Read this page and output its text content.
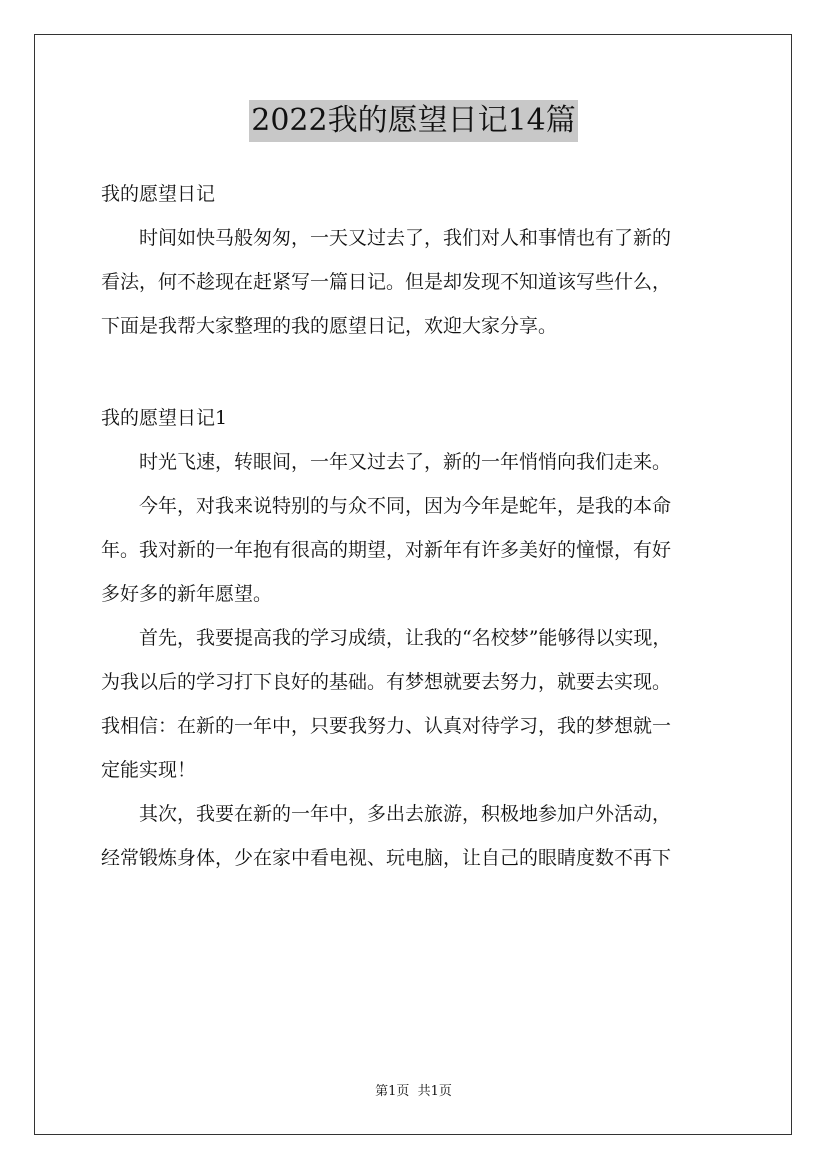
2022我的愿望日记14篇

我的愿望日记

时间如快马般匆匆，一天又过去了，我们对人和事情也有了新的

看法，何不趁现在赶紧写一篇日记。但是却发现不知道该写些什么，

下面是我帮大家整理的我的愿望日记，欢迎大家分享。

我的愿望日记1

时光飞速，转眼间，一年又过去了，新的一年悄悄向我们走来。

今年，对我来说特别的与众不同，因为今年是蛇年，是我的本命

年。我对新的一年抱有很高的期望，对新年有许多美好的憧憬，有好

多好多的新年愿望。

首先，我要提高我的学习成绩，让我的“名校梦”能够得以实现，

为我以后的学习打下良好的基础。有梦想就要去努力，就要去实现。

我相信：在新的一年中，只要我努力、认真对待学习，我的梦想就一

定能实现！

其次，我要在新的一年中，多出去旅游，积极地参加户外活动，

经常锻炼身体，少在家中看电视、玩电脑，让自己的眼睛度数不再下

第1页 共1页
